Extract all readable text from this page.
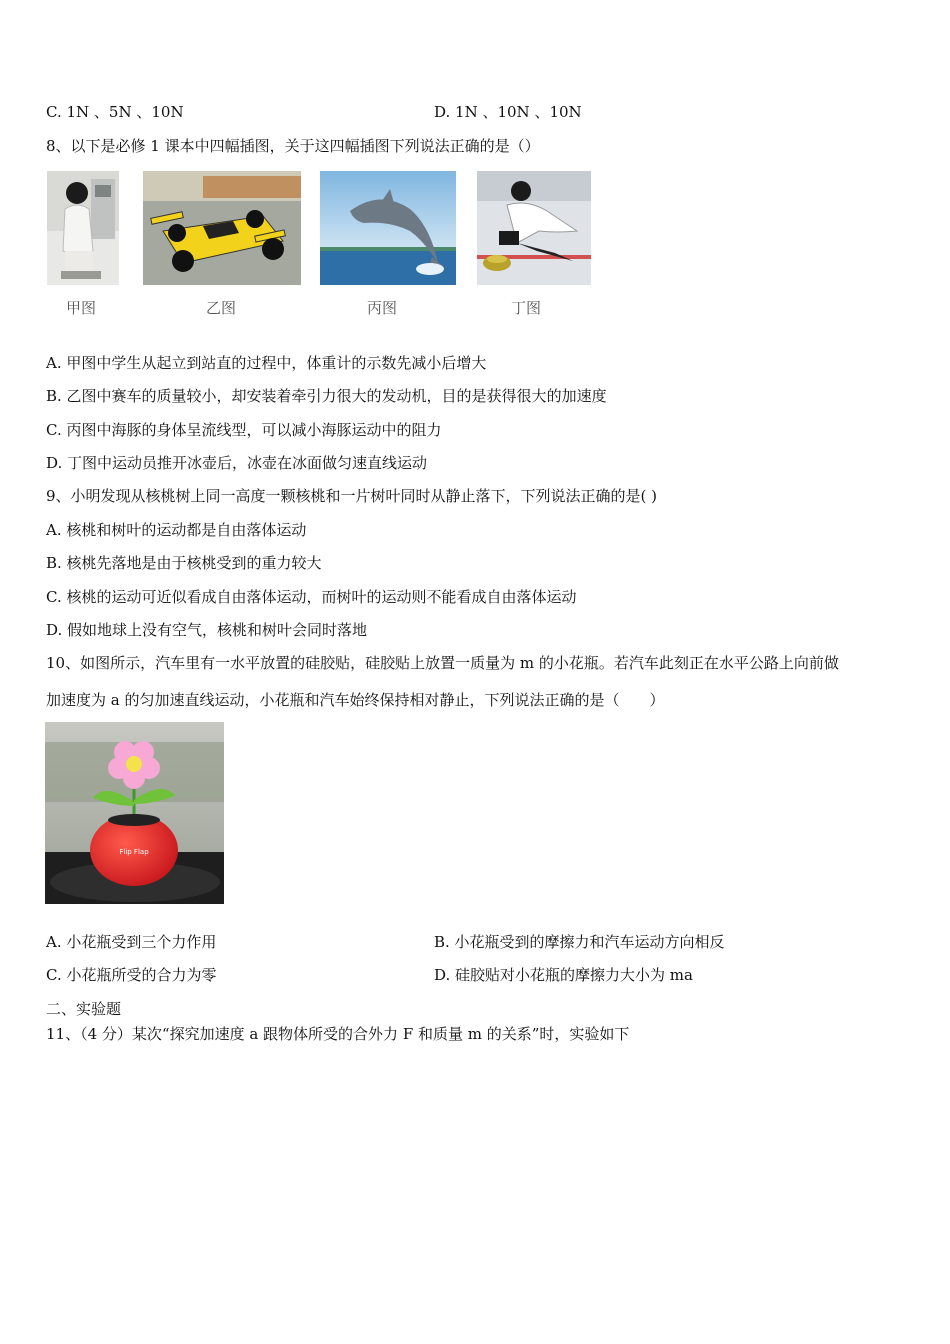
C. 1N 、5N 、10N	D. 1N 、10N 、10N
8、以下是必修 1 课本中四幅插图，关于这四幅插图下列说法正确的是（）
甲图	乙图	丙图	丁图
A. 甲图中学生从起立到站直的过程中，体重计的示数先减小后增大
B. 乙图中赛车的质量较小，却安装着牵引力很大的发动机，目的是获得很大的加速度
C. 丙图中海豚的身体呈流线型，可以减小海豚运动中的阻力
D. 丁图中运动员推开冰壶后，冰壶在冰面做匀速直线运动
9、小明发现从核桃树上同一高度一颗核桃和一片树叶同时从静止落下，下列说法正确的是( )
A. 核桃和树叶的运动都是自由落体运动
B. 核桃先落地是由于核桃受到的重力较大
C. 核桃的运动可近似看成自由落体运动，而树叶的运动则不能看成自由落体运动
D. 假如地球上没有空气，核桃和树叶会同时落地
10、如图所示，汽车里有一水平放置的硅胶贴，硅胶贴上放置一质量为 m 的小花瓶。若汽车此刻正在水平公路上向前做
加速度为 a 的匀加速直线运动，小花瓶和汽车始终保持相对静止，下列说法正确的是（　　）
Flip Flap
A. 小花瓶受到三个力作用	B. 小花瓶受到的摩擦力和汽车运动方向相反
C. 小花瓶所受的合力为零	D. 硅胶贴对小花瓶的摩擦力大小为 ma
二、实验题
11、（4 分）某次“探究加速度 a 跟物体所受的合外力 F 和质量 m 的关系”时，实验如下
